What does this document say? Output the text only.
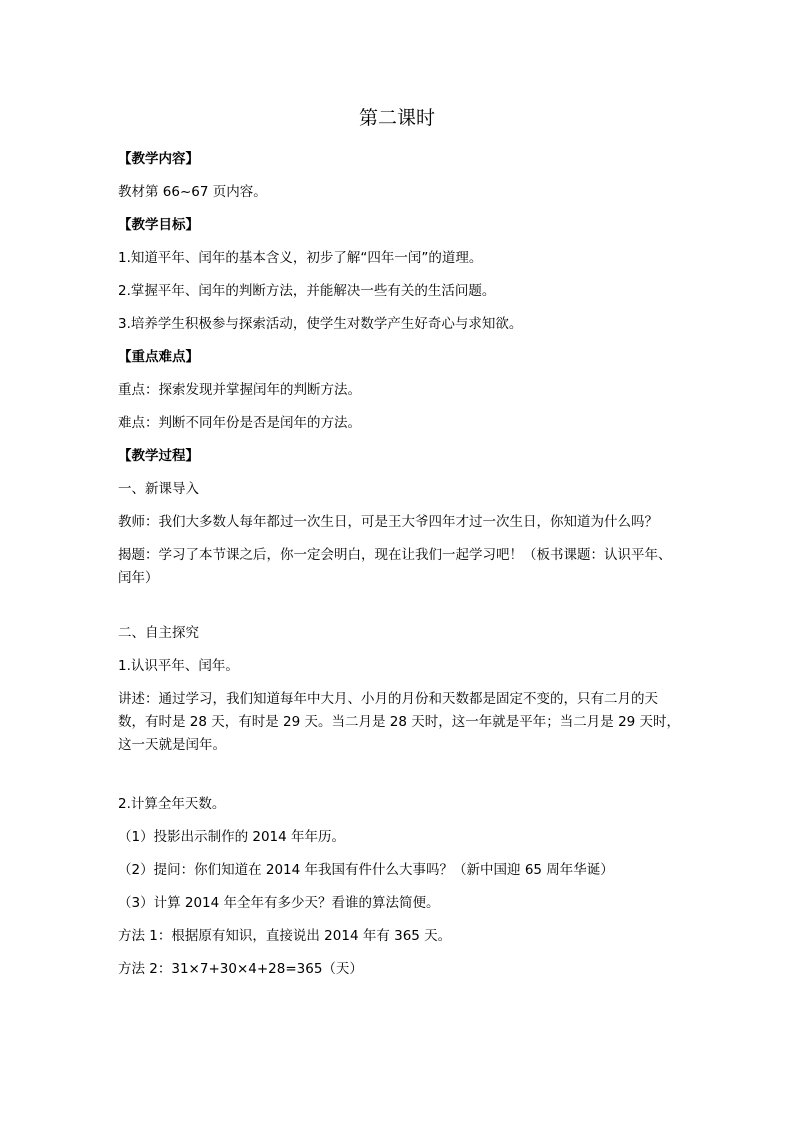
第二课时

【教学内容】

教材第 66~67 页内容。

【教学目标】

1.知道平年、闰年的基本含义，初步了解“四年一闰”的道理。

2.掌握平年、闰年的判断方法，并能解决一些有关的生活问题。

3.培养学生积极参与探索活动，使学生对数学产生好奇心与求知欲。

【重点难点】

重点：探索发现并掌握闰年的判断方法。

难点：判断不同年份是否是闰年的方法。

【教学过程】

一、新课导入

教师：我们大多数人每年都过一次生日，可是王大爷四年才过一次生日，你知道为什么吗？

揭题：学习了本节课之后，你一定会明白，现在让我们一起学习吧！（板书课题：认识平年、闰年）

二、自主探究

1.认识平年、闰年。

讲述：通过学习，我们知道每年中大月、小月的月份和天数都是固定不变的，只有二月的天数，有时是 28 天，有时是 29 天。当二月是 28 天时，这一年就是平年；当二月是 29 天时，这一天就是闰年。

2.计算全年天数。

（1）投影出示制作的 2014 年年历。

（2）提问：你们知道在 2014 年我国有件什么大事吗？（新中国迎 65 周年华诞）

（3）计算 2014 年全年有多少天？看谁的算法简便。

方法 1：根据原有知识，直接说出 2014 年有 365 天。

方法 2：31×7+30×4+28=365（天）
